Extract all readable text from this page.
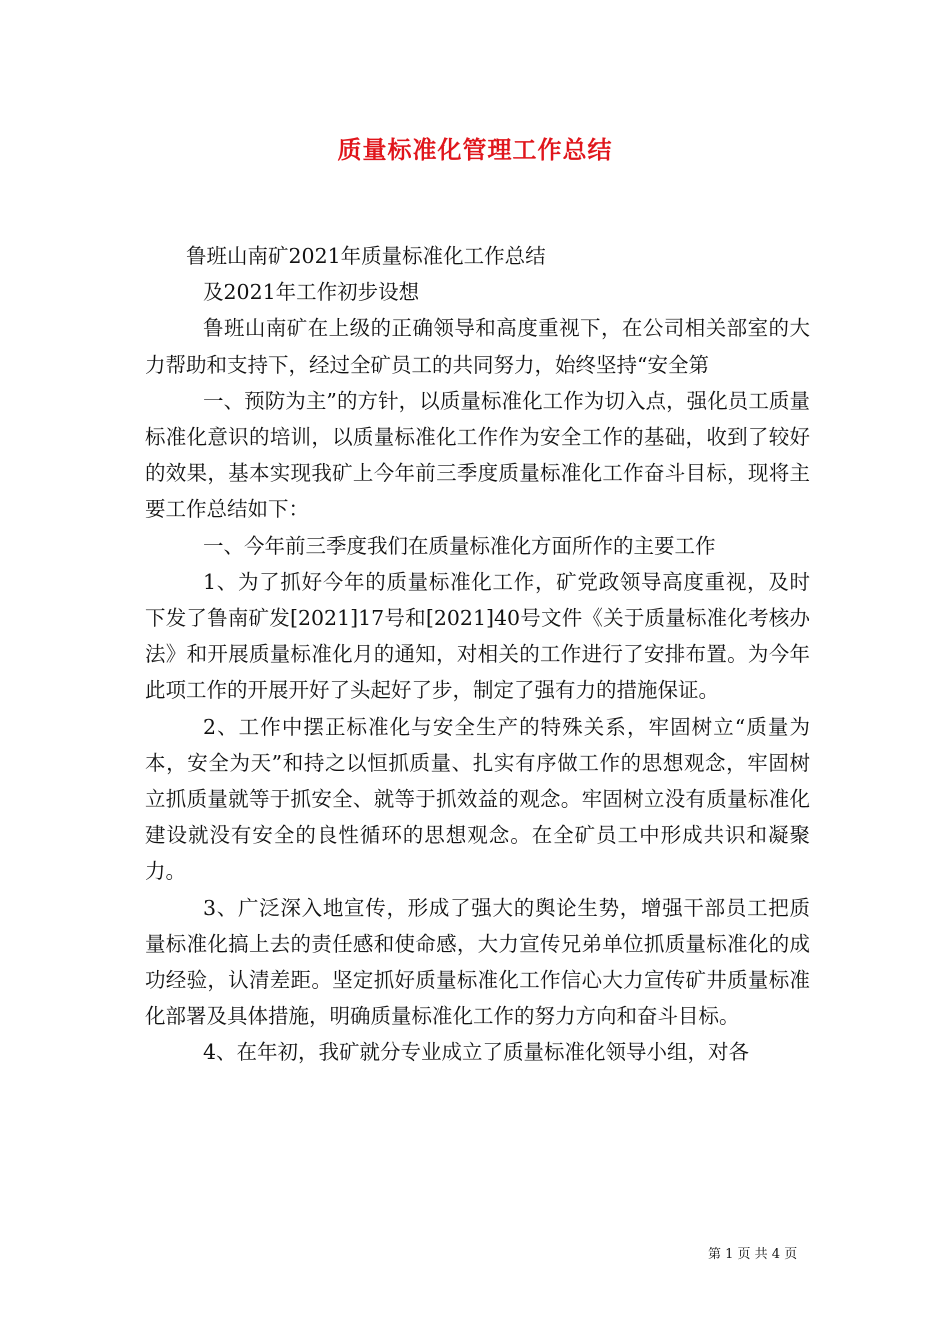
质量标准化管理工作总结

鲁班山南矿2021年质量标准化工作总结

及2021年工作初步设想

鲁班山南矿在上级的正确领导和高度重视下，在公司相关部室的大力帮助和支持下，经过全矿员工的共同努力，始终坚持“安全第

一、预防为主”的方针，以质量标准化工作为切入点，强化员工质量标准化意识的培训，以质量标准化工作作为安全工作的基础，收到了较好的效果，基本实现我矿上今年前三季度质量标准化工作奋斗目标，现将主要工作总结如下：

一、今年前三季度我们在质量标准化方面所作的主要工作

1、为了抓好今年的质量标准化工作，矿党政领导高度重视，及时下发了鲁南矿发[2021]17号和[2021]40号文件《关于质量标准化考核办法》和开展质量标准化月的通知，对相关的工作进行了安排布置。为今年此项工作的开展开好了头起好了步，制定了强有力的措施保证。

2、工作中摆正标准化与安全生产的特殊关系，牢固树立“质量为本，安全为天”和持之以恒抓质量、扎实有序做工作的思想观念，牢固树立抓质量就等于抓安全、就等于抓效益的观念。牢固树立没有质量标准化建设就没有安全的良性循环的思想观念。在全矿员工中形成共识和凝聚力。

3、广泛深入地宣传，形成了强大的舆论生势，增强干部员工把质量标准化搞上去的责任感和使命感，大力宣传兄弟单位抓质量标准化的成功经验，认清差距。坚定抓好质量标准化工作信心大力宣传矿井质量标准化部署及具体措施，明确质量标准化工作的努力方向和奋斗目标。

4、在年初，我矿就分专业成立了质量标准化领导小组，对各

第 1 页 共 4 页
